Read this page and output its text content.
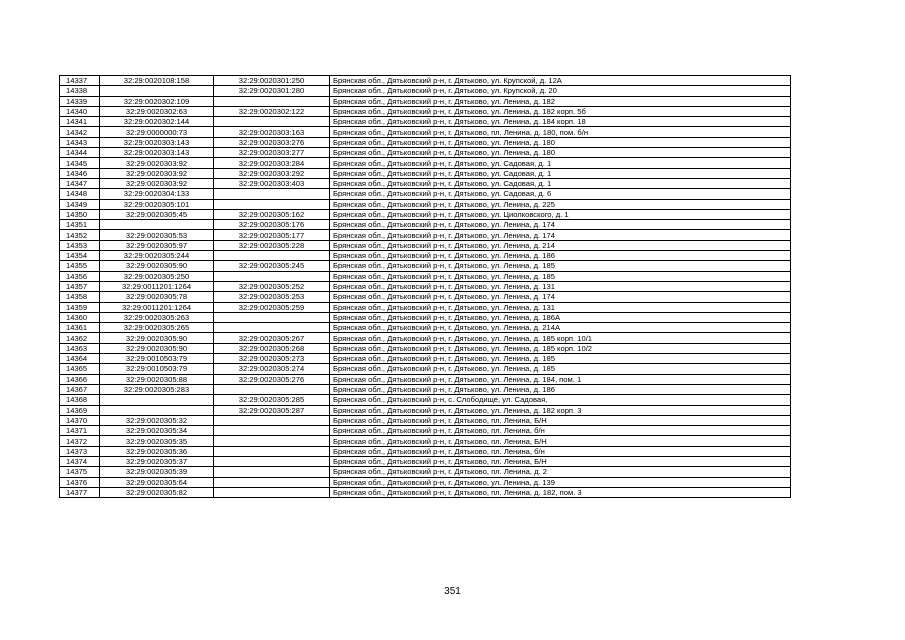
14337	32:29:0020108:158	32:29:0020301:250	Брянская обл., Дятьковский р-н, г. Дятьково, ул. Крупской, д. 12А
14338		32:29:0020301:280	Брянская обл., Дятьковский р-н, г. Дятьково, ул. Крупской, д. 20
14339	32:29:0020302:109		Брянская обл., Дятьковский р-н, г. Дятьково, ул. Ленина, д. 182
14340	32:29:0020302:63	32:29:0020302:122	Брянская обл., Дятьковский р-н, г. Дятьково, ул. Ленина, д. 182 корп. 5б
14341	32:29:0020302:144		Брянская обл., Дятьковский р-н, г. Дятьково, ул. Ленина, д. 184 корп. 18
14342	32:29:0000000:73	32:29:0020303:163	Брянская обл., Дятьковский р-н, г. Дятьково, пл. Ленина, д. 180, пом. б/н
14343	32:29:0020303:143	32:29:0020303:276	Брянская обл., Дятьковский р-н, г. Дятьково, ул. Ленина, д. 180
14344	32:29:0020303:143	32:29:0020303:277	Брянская обл., Дятьковский р-н, г. Дятьково, ул. Ленина, д. 180
14345	32:29:0020303:92	32:29:0020303:284	Брянская обл., Дятьковский р-н, г. Дятьково, ул. Садовая, д. 1
14346	32:29:0020303:92	32:29:0020303:292	Брянская обл., Дятьковский р-н, г. Дятьково, ул. Садовая, д. 1
14347	32:29:0020303:92	32:29:0020303:403	Брянская обл., Дятьковский р-н, г. Дятьково, ул. Садовая, д. 1
14348	32:29:0020304:133		Брянская обл., Дятьковский р-н, г. Дятьково, ул. Садовая, д. 6
14349	32:29:0020305:101		Брянская обл., Дятьковский р-н, г. Дятьково, ул. Ленина, д. 225
14350	32:29:0020305:45	32:29:0020305:162	Брянская обл., Дятьковский р-н, г. Дятьково, ул. Циолковского, д. 1
14351		32:29:0020305:176	Брянская обл., Дятьковский р-н, г. Дятьково, ул. Ленина, д. 174
14352	32:29:0020305:53	32:29:0020305:177	Брянская обл., Дятьковский р-н, г. Дятьково, ул. Ленина, д. 174
14353	32:29:0020305:97	32:29:0020305:228	Брянская обл., Дятьковский р-н, г. Дятьково, ул. Ленина, д. 214
14354	32:29:0020305:244		Брянская обл., Дятьковский р-н, г. Дятьково, ул. Ленина, д. 186
14355	32:29:0020305:90	32:29:0020305:245	Брянская обл., Дятьковский р-н, г. Дятьково, ул. Ленина, д. 185
14356	32:29:0020305:250		Брянская обл., Дятьковский р-н, г. Дятьково, ул. Ленина, д. 185
14357	32:29:0011201:1264	32:29:0020305:252	Брянская обл., Дятьковский р-н, г. Дятьково, ул. Ленина, д. 131
14358	32:29:0020305:78	32:29:0020305:253	Брянская обл., Дятьковский р-н, г. Дятьково, ул. Ленина, д. 174
14359	32:29:0011201:1264	32:29:0020305:259	Брянская обл., Дятьковский р-н, г. Дятьково, ул. Ленина, д. 131
14360	32:29:0020305:263		Брянская обл., Дятьковский р-н, г. Дятьково, ул. Ленина, д. 186А
14361	32:29:0020305:265		Брянская обл., Дятьковский р-н, г. Дятьково, ул. Ленина, д. 214А
14362	32:29:0020305:90	32:29:0020305:267	Брянская обл., Дятьковский р-н, г. Дятьково, ул. Ленина, д. 185 корп. 10/1
14363	32:29:0020305:90	32:29:0020305:268	Брянская обл., Дятьковский р-н, г. Дятьково, ул. Ленина, д. 185 корп. 10/2
14364	32:29:0010503:79	32:29:0020305:273	Брянская обл., Дятьковский р-н, г. Дятьково, ул. Ленина, д. 185
14365	32:29:0010503:79	32:29:0020305:274	Брянская обл., Дятьковский р-н, г. Дятьково, ул. Ленина, д. 185
14366	32:29:0020305:88	32:29:0020305:276	Брянская обл., Дятьковский р-н, г. Дятьково, ул. Ленина, д. 184, пом. 1
14367	32:29:0020305:283		Брянская обл., Дятьковский р-н, г. Дятьково, ул. Ленина, д. 186
14368		32:29:0020305:285	Брянская обл., Дятьковский р-н, с. Слободище, ул. Садовая,
14369		32:29:0020305:287	Брянская обл., Дятьковский р-н, г. Дятьково, ул. Ленина, д. 182 корп. 3
14370	32:29:0020305:32		Брянская обл., Дятьковский р-н, г. Дятьково, пл. Ленина, Б/Н
14371	32:29:0020305:34		Брянская обл., Дятьковский р-н, г. Дятьково, пл. Ленина, б/н
14372	32:29:0020305:35		Брянская обл., Дятьковский р-н, г. Дятьково, пл. Ленина, Б/Н
14373	32:29:0020305:36		Брянская обл., Дятьковский р-н, г. Дятьково, пл. Ленина, б/н
14374	32:29:0020305:37		Брянская обл., Дятьковский р-н, г. Дятьково, пл. Ленина, Б/Н
14375	32:29:0020305:39		Брянская обл., Дятьковский р-н, г. Дятьково, пл. Ленина, д. 2
14376	32:29:0020305:64		Брянская обл., Дятьковский р-н, г. Дятьково, ул. Ленина, д. 139
14377	32:29:0020305:82		Брянская обл., Дятьковский р-н, г. Дятьково, пл. Ленина, д. 182, пом. 3
351
